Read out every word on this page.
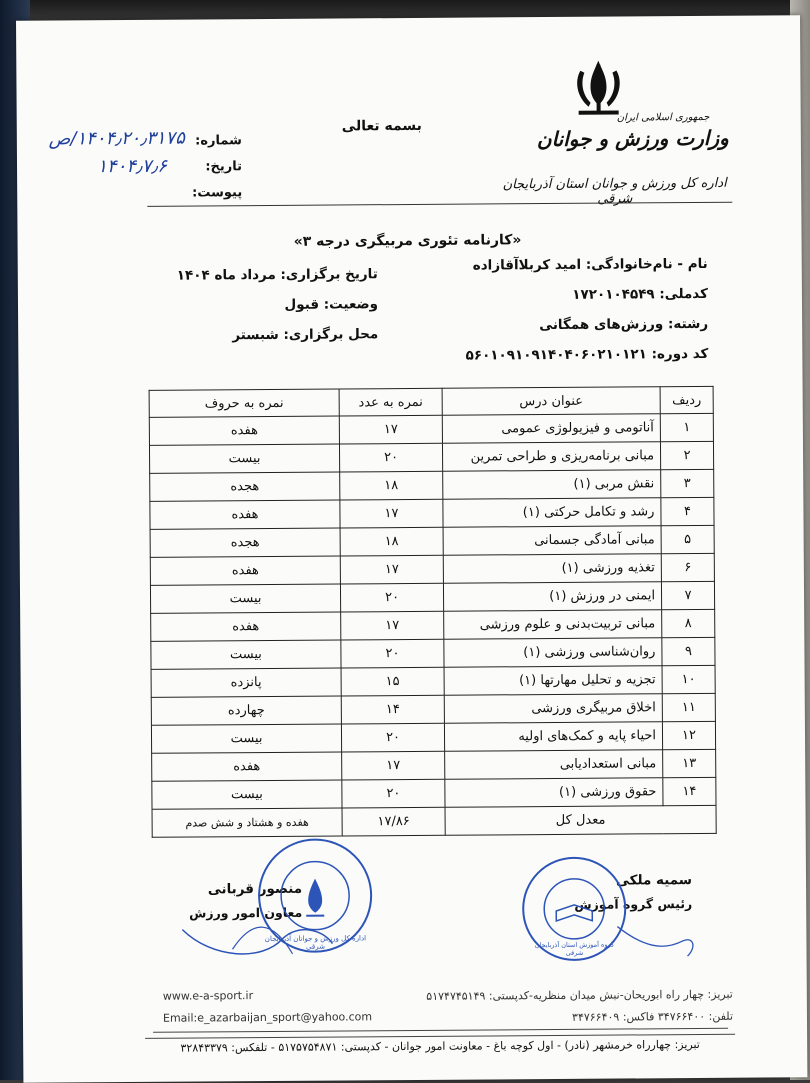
جمهوری اسلامی ایران
وزارت ورزش و جوانان
اداره کل ورزش و جوانان استان آذربایجان شرقی
بسمه تعالی
شماره:
تاریخ:
پیوست:
۱۴۰۴٫۲۰٫۳۱۷۵/ص
۱۴۰۴٫۷٫۶
«کارنامه تئوری مربیگری درجه ۳»
نام - نام‌خانوادگی: امید کربلاآقازاده
کدملی: ۱۷۲۰۱۰۴۵۴۹
رشته: ورزش‌های همگانی
کد دوره: ۵۶۰۱۰۹۱۰۹۱۴۰۴۰۶۰۲۱۰۱۲۱
تاریخ برگزاری: مرداد ماه ۱۴۰۴
وضعیت: قبول
محل برگزاری: شبستر
ردیف	عنوان درس	نمره به عدد	نمره به حروف
۱	آناتومی و فیزیولوژی عمومی	۱۷	هفده
۲	مبانی برنامه‌ریزی و طراحی تمرین	۲۰	بیست
۳	نقش مربی (۱)	۱۸	هجده
۴	رشد و تکامل حرکتی (۱)	۱۷	هفده
۵	مبانی آمادگی جسمانی	۱۸	هجده
۶	تغذیه ورزشی (۱)	۱۷	هفده
۷	ایمنی در ورزش (۱)	۲۰	بیست
۸	مبانی تربیت‌بدنی و علوم ورزشی	۱۷	هفده
۹	روان‌شناسی ورزشی (۱)	۲۰	بیست
۱۰	تجزیه و تحلیل مهارتها (۱)	۱۵	پانزده
۱۱	اخلاق مربیگری ورزشی	۱۴	چهارده
۱۲	احیاء پایه و کمک‌های اولیه	۲۰	بیست
۱۳	مبانی استعدادیابی	۱۷	هفده
۱۴	حقوق ورزشی (۱)	۲۰	بیست
معدل کل		۱۷/۸۶	هفده و هشتاد و شش صدم
سمیه ملکی
رئیس گروه آموزش
منصور قربانی
معاون امور ورزش
اداره کل ورزش و جوانان آذربایجان شرقی	گروه آموزش استان آذربایجان شرقی
www.e-a-sport.ir
Email:e_azarbaijan_sport@yahoo.com
تبریز: چهار راه ابوریحان-نبش میدان منظریه-کدپستی: ۵۱۷۴۷۴۵۱۴۹
تلفن: ۳۴۷۶۶۴۰۰ فاکس: ۳۴۷۶۶۴۰۹
تبریز: چهارراه خرمشهر (نادر) - اول کوچه باغ - معاونت امور جوانان - کدپستی: ۵۱۷۵۷۵۴۸۷۱ - تلفکس: ۳۲۸۴۳۳۷۹
